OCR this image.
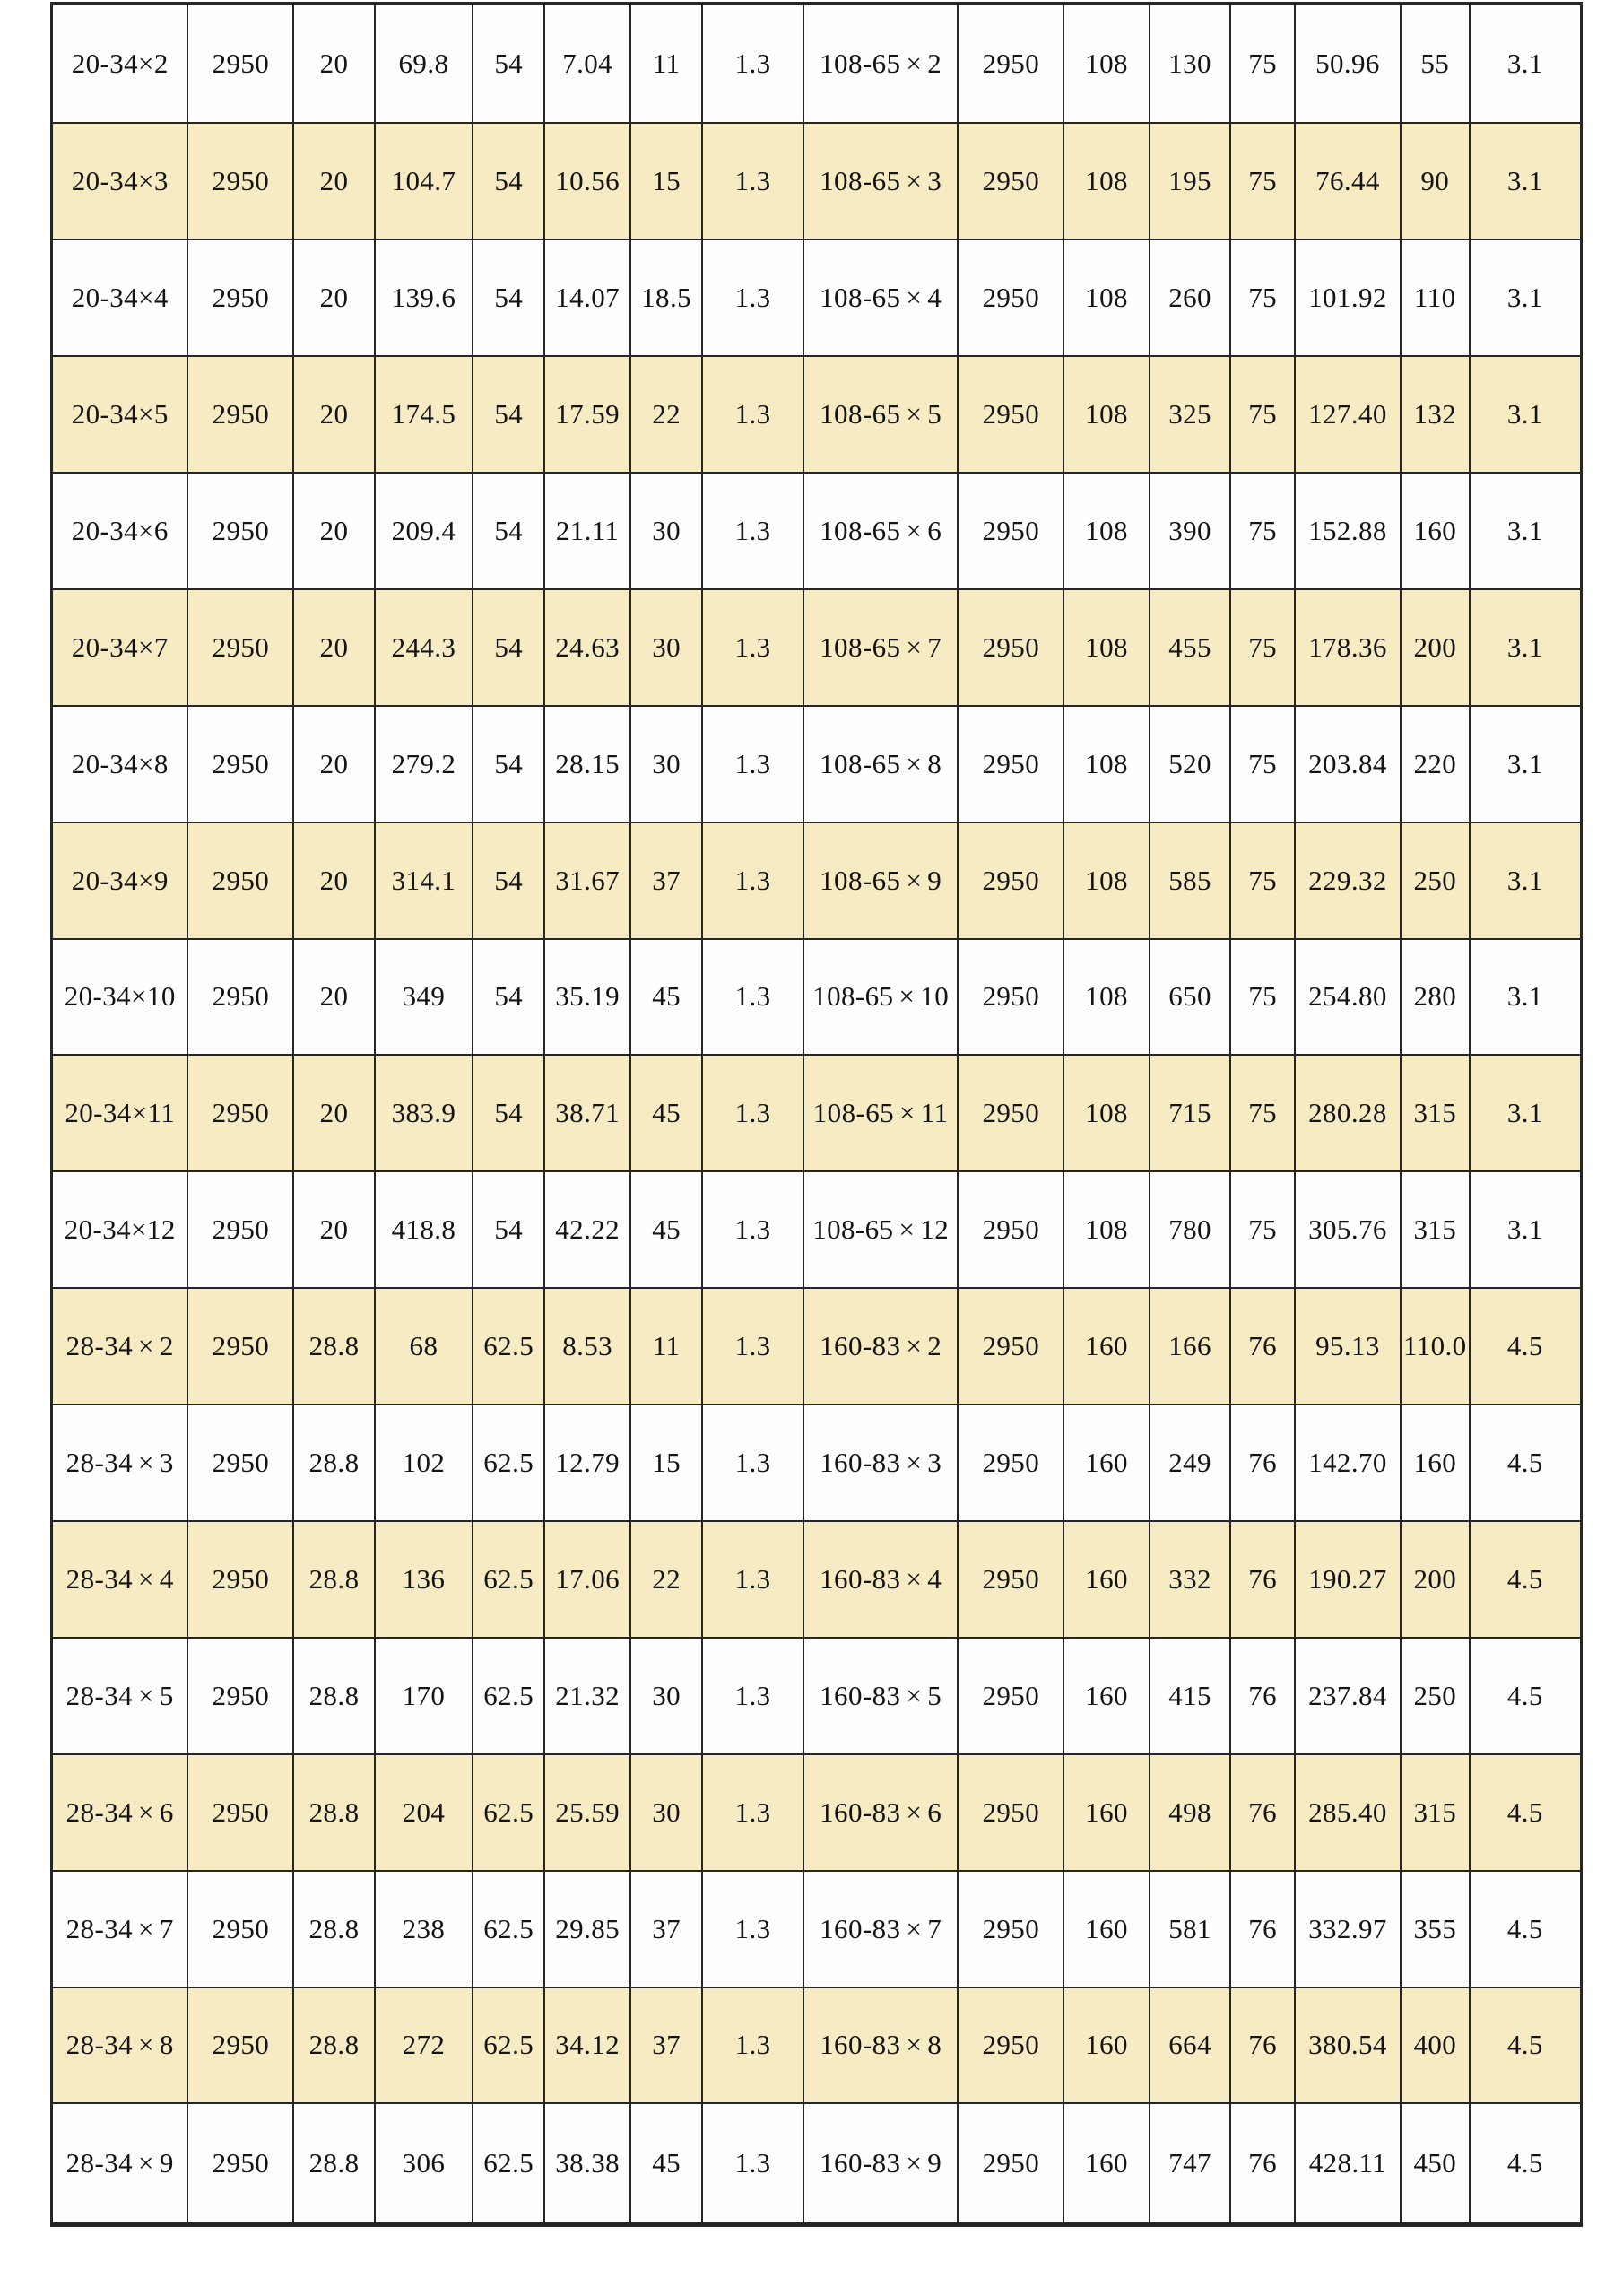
20-34×2	2950	20	69.8	54	7.04	11	1.3	108-65 × 2	2950	108	130	75	50.96	55	3.1
20-34×3	2950	20	104.7	54	10.56	15	1.3	108-65 × 3	2950	108	195	75	76.44	90	3.1
20-34×4	2950	20	139.6	54	14.07	18.5	1.3	108-65 × 4	2950	108	260	75	101.92	110	3.1
20-34×5	2950	20	174.5	54	17.59	22	1.3	108-65 × 5	2950	108	325	75	127.40	132	3.1
20-34×6	2950	20	209.4	54	21.11	30	1.3	108-65 × 6	2950	108	390	75	152.88	160	3.1
20-34×7	2950	20	244.3	54	24.63	30	1.3	108-65 × 7	2950	108	455	75	178.36	200	3.1
20-34×8	2950	20	279.2	54	28.15	30	1.3	108-65 × 8	2950	108	520	75	203.84	220	3.1
20-34×9	2950	20	314.1	54	31.67	37	1.3	108-65 × 9	2950	108	585	75	229.32	250	3.1
20-34×10	2950	20	349	54	35.19	45	1.3	108-65 × 10	2950	108	650	75	254.80	280	3.1
20-34×11	2950	20	383.9	54	38.71	45	1.3	108-65 × 11	2950	108	715	75	280.28	315	3.1
20-34×12	2950	20	418.8	54	42.22	45	1.3	108-65 × 12	2950	108	780	75	305.76	315	3.1
28-34 × 2	2950	28.8	68	62.5	8.53	11	1.3	160-83 × 2	2950	160	166	76	95.13	110.0	4.5
28-34 × 3	2950	28.8	102	62.5	12.79	15	1.3	160-83 × 3	2950	160	249	76	142.70	160	4.5
28-34 × 4	2950	28.8	136	62.5	17.06	22	1.3	160-83 × 4	2950	160	332	76	190.27	200	4.5
28-34 × 5	2950	28.8	170	62.5	21.32	30	1.3	160-83 × 5	2950	160	415	76	237.84	250	4.5
28-34 × 6	2950	28.8	204	62.5	25.59	30	1.3	160-83 × 6	2950	160	498	76	285.40	315	4.5
28-34 × 7	2950	28.8	238	62.5	29.85	37	1.3	160-83 × 7	2950	160	581	76	332.97	355	4.5
28-34 × 8	2950	28.8	272	62.5	34.12	37	1.3	160-83 × 8	2950	160	664	76	380.54	400	4.5
28-34 × 9	2950	28.8	306	62.5	38.38	45	1.3	160-83 × 9	2950	160	747	76	428.11	450	4.5
